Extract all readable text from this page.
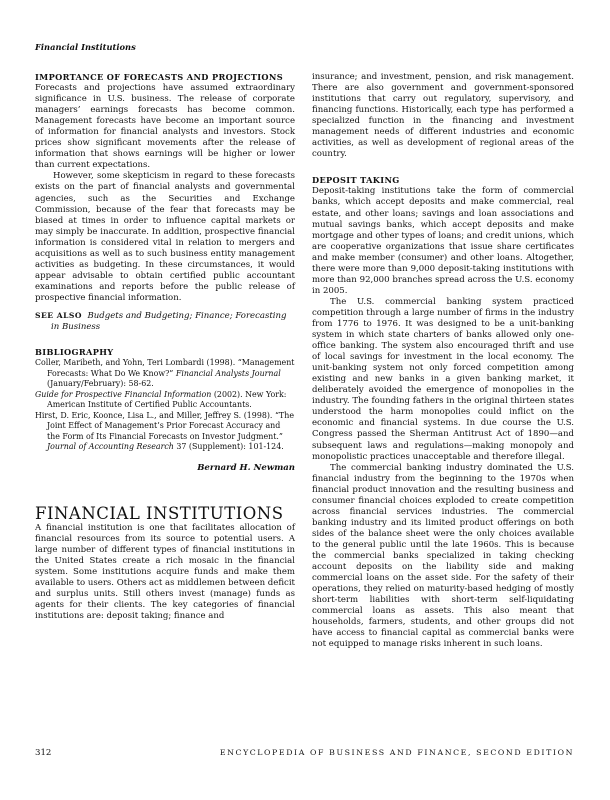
Financial Institutions
IMPORTANCE OF FORECASTS AND PROJECTIONS

Forecasts and projections have assumed extraordinary significance in U.S. business. The release of corporate managers’ earnings forecasts has become common. Management forecasts have become an important source of information for financial analysts and investors. Stock prices show significant movements after the release of information that shows earnings will be higher or lower than current expectations.

However, some skepticism in regard to these forecasts exists on the part of financial analysts and governmental agencies, such as the Securities and Exchange Commission, because of the fear that forecasts may be biased at times in order to influence capital markets or may simply be inaccurate. In addition, prospective financial information is considered vital in relation to mergers and acquisitions as well as to such business entity management activities as budgeting. In these circumstances, it would appear advisable to obtain certified public accountant examinations and reports before the public release of prospective financial information.

SEE ALSO Budgets and Budgeting; Finance; Forecasting in Business
BIBLIOGRAPHY
Coller, Maribeth, and Yohn, Teri Lombardi (1998). “Management Forecasts: What Do We Know?” Financial Analysts Journal (January/February): 58-62.
Guide for Prospective Financial Information (2002). New York: American Institute of Certified Public Accountants.
Hirst, D. Eric, Koonce, Lisa L., and Miller, Jeffrey S. (1998). “The Joint Effect of Management’s Prior Forecast Accuracy and the Form of Its Financial Forecasts on Investor Judgment.” Journal of Accounting Research 37 (Supplement): 101-124.
Bernard H. Newman
FINANCIAL INSTITUTIONS

A financial institution is one that facilitates allocation of financial resources from its source to potential users. A large number of different types of financial institutions in the United States create a rich mosaic in the financial system. Some institutions acquire funds and make them available to users. Others act as middlemen between deficit and surplus units. Still others invest (manage) funds as agents for their clients. The key categories of financial institutions are: deposit taking; finance and

insurance; and investment, pension, and risk management. There are also government and government-sponsored institutions that carry out regulatory, supervisory, and financing functions. Historically, each type has performed a specialized function in the financing and investment management needs of different industries and economic activities, as well as development of regional areas of the country.

DEPOSIT TAKING

Deposit-taking institutions take the form of commercial banks, which accept deposits and make commercial, real estate, and other loans; savings and loan associations and mutual savings banks, which accept deposits and make mortgage and other types of loans; and credit unions, which are cooperative organizations that issue share certificates and make member (consumer) and other loans. Altogether, there were more than 9,000 deposit-taking institutions with more than 92,000 branches spread across the U.S. economy in 2005.

The U.S. commercial banking system practiced competition through a large number of firms in the industry from 1776 to 1976. It was designed to be a unit-banking system in which state charters of banks allowed only one-office banking. The system also encouraged thrift and use of local savings for investment in the local economy. The unit-banking system not only forced competition among existing and new banks in a given banking market, it deliberately avoided the emergence of monopolies in the industry. The founding fathers in the original thirteen states understood the harm monopolies could inflict on the economic and financial systems. In due course the U.S. Congress passed the Sherman Antitrust Act of 1890—and subsequent laws and regulations—making monopoly and monopolistic practices unacceptable and therefore illegal.

The commercial banking industry dominated the U.S. financial industry from the beginning to the 1970s when financial product innovation and the resulting business and consumer financial choices exploded to create competition across financial services industries. The commercial banking industry and its limited product offerings on both sides of the balance sheet were the only choices available to the general public until the late 1960s. This is because the commercial banks specialized in taking checking account deposits on the liability side and making commercial loans on the asset side. For the safety of their operations, they relied on maturity-based hedging of mostly short-term liabilities with short-term self-liquidating commercial loans as assets. This also meant that households, farmers, students, and other groups did not have access to financial capital as commercial banks were not equipped to manage risks inherent in such loans.

312	ENCYCLOPEDIA OF BUSINESS AND FINANCE, SECOND EDITION
